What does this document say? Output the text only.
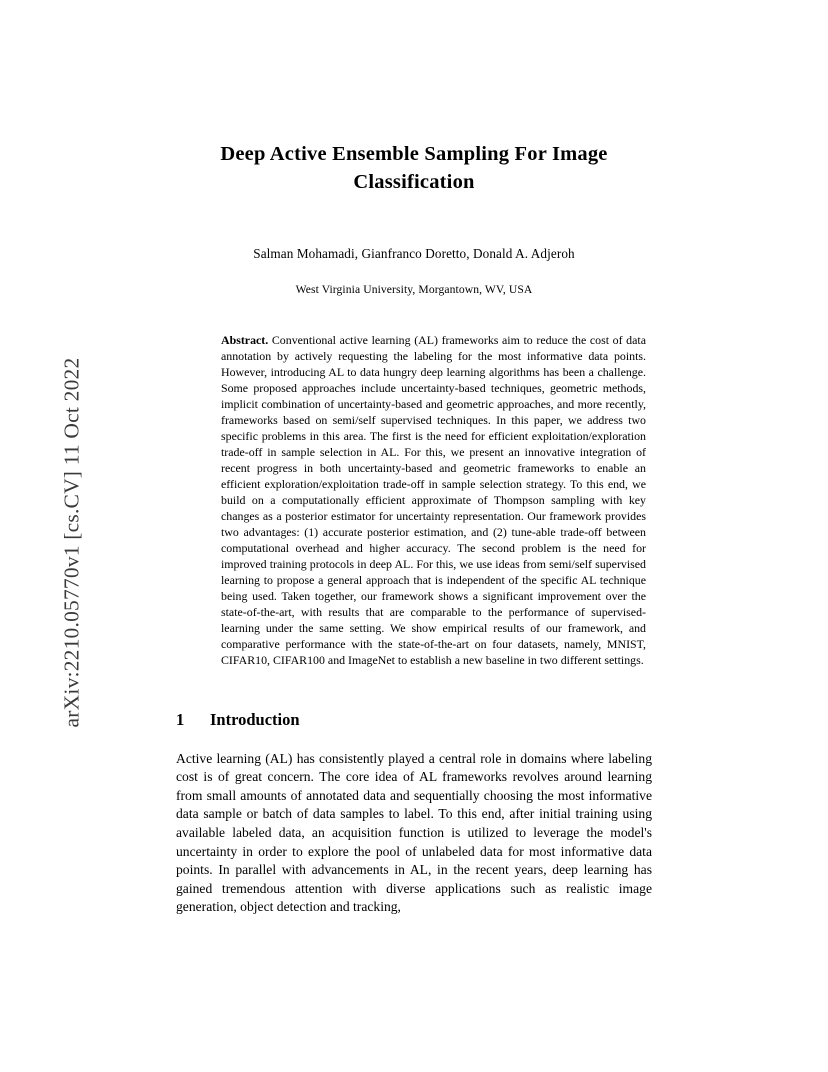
arXiv:2210.05770v1 [cs.CV] 11 Oct 2022
Deep Active Ensemble Sampling For Image Classification
Salman Mohamadi, Gianfranco Doretto, Donald A. Adjeroh
West Virginia University, Morgantown, WV, USA
Abstract. Conventional active learning (AL) frameworks aim to reduce the cost of data annotation by actively requesting the labeling for the most informative data points. However, introducing AL to data hungry deep learning algorithms has been a challenge. Some proposed approaches include uncertainty-based techniques, geometric methods, implicit combination of uncertainty-based and geometric approaches, and more recently, frameworks based on semi/self supervised techniques. In this paper, we address two specific problems in this area. The first is the need for efficient exploitation/exploration trade-off in sample selection in AL. For this, we present an innovative integration of recent progress in both uncertainty-based and geometric frameworks to enable an efficient exploration/exploitation trade-off in sample selection strategy. To this end, we build on a computationally efficient approximate of Thompson sampling with key changes as a posterior estimator for uncertainty representation. Our framework provides two advantages: (1) accurate posterior estimation, and (2) tune-able trade-off between computational overhead and higher accuracy. The second problem is the need for improved training protocols in deep AL. For this, we use ideas from semi/self supervised learning to propose a general approach that is independent of the specific AL technique being used. Taken together, our framework shows a significant improvement over the state-of-the-art, with results that are comparable to the performance of supervised-learning under the same setting. We show empirical results of our framework, and comparative performance with the state-of-the-art on four datasets, namely, MNIST, CIFAR10, CIFAR100 and ImageNet to establish a new baseline in two different settings.
1	Introduction

Active learning (AL) has consistently played a central role in domains where labeling cost is of great concern. The core idea of AL frameworks revolves around learning from small amounts of annotated data and sequentially choosing the most informative data sample or batch of data samples to label. To this end, after initial training using available labeled data, an acquisition function is utilized to leverage the model's uncertainty in order to explore the pool of unlabeled data for most informative data points. In parallel with advancements in AL, in the recent years, deep learning has gained tremendous attention with diverse applications such as realistic image generation, object detection and tracking,
